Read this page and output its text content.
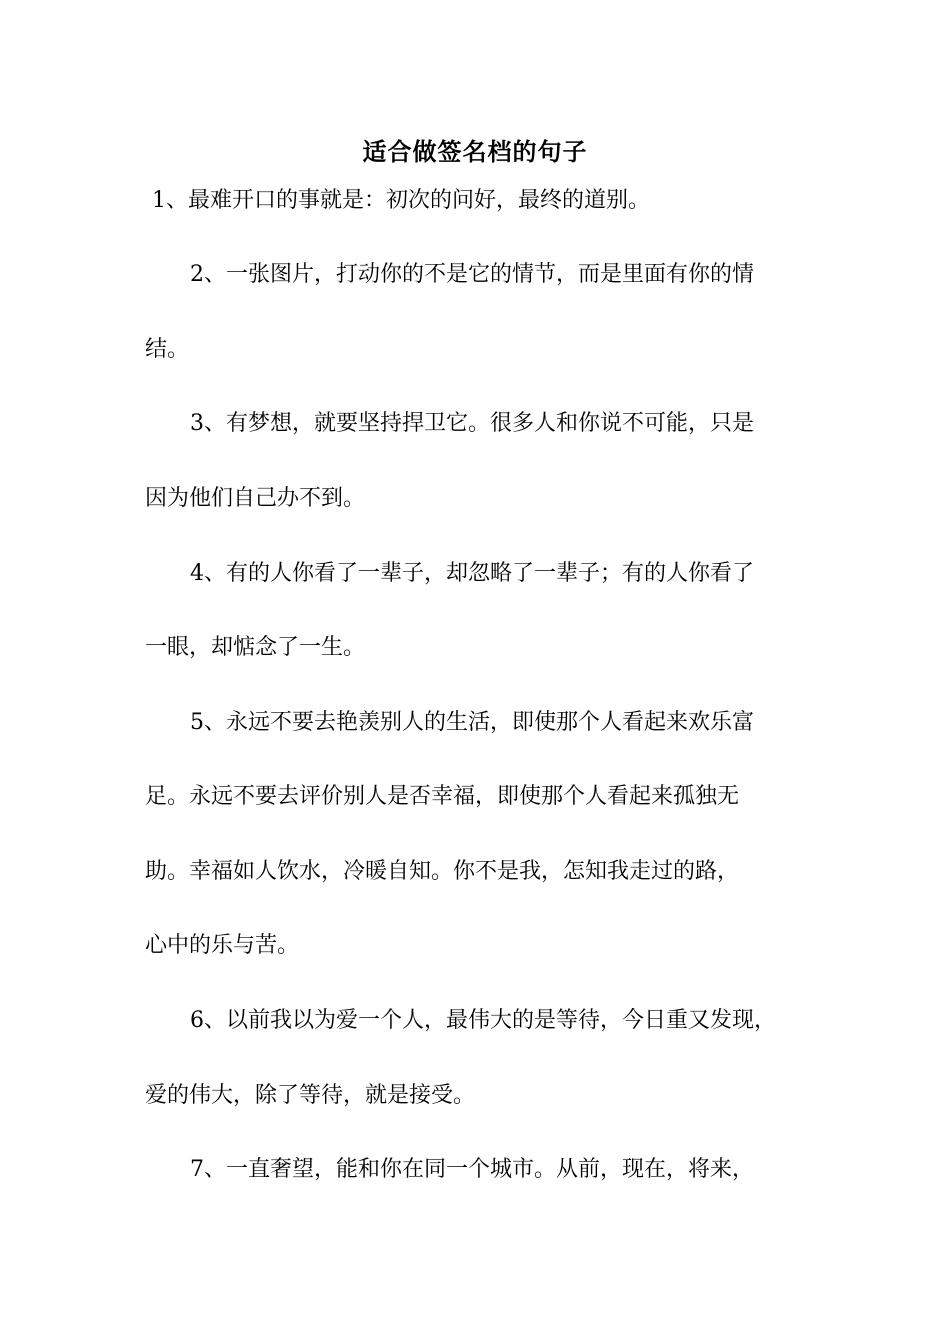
适合做签名档的句子
1、最难开口的事就是：初次的问好，最终的道别。
2、一张图片，打动你的不是它的情节，而是里面有你的情
结。
3、有梦想，就要坚持捍卫它。很多人和你说不可能，只是
因为他们自己办不到。
4、有的人你看了一辈子，却忽略了一辈子；有的人你看了
一眼，却惦念了一生。
5、永远不要去艳羡别人的生活，即使那个人看起来欢乐富
足。永远不要去评价别人是否幸福，即使那个人看起来孤独无
助。幸福如人饮水，冷暖自知。你不是我，怎知我走过的路，
心中的乐与苦。
6、以前我以为爱一个人，最伟大的是等待，今日重又发现，
爱的伟大，除了等待，就是接受。
7、一直奢望，能和你在同一个城市。从前，现在，将来，
